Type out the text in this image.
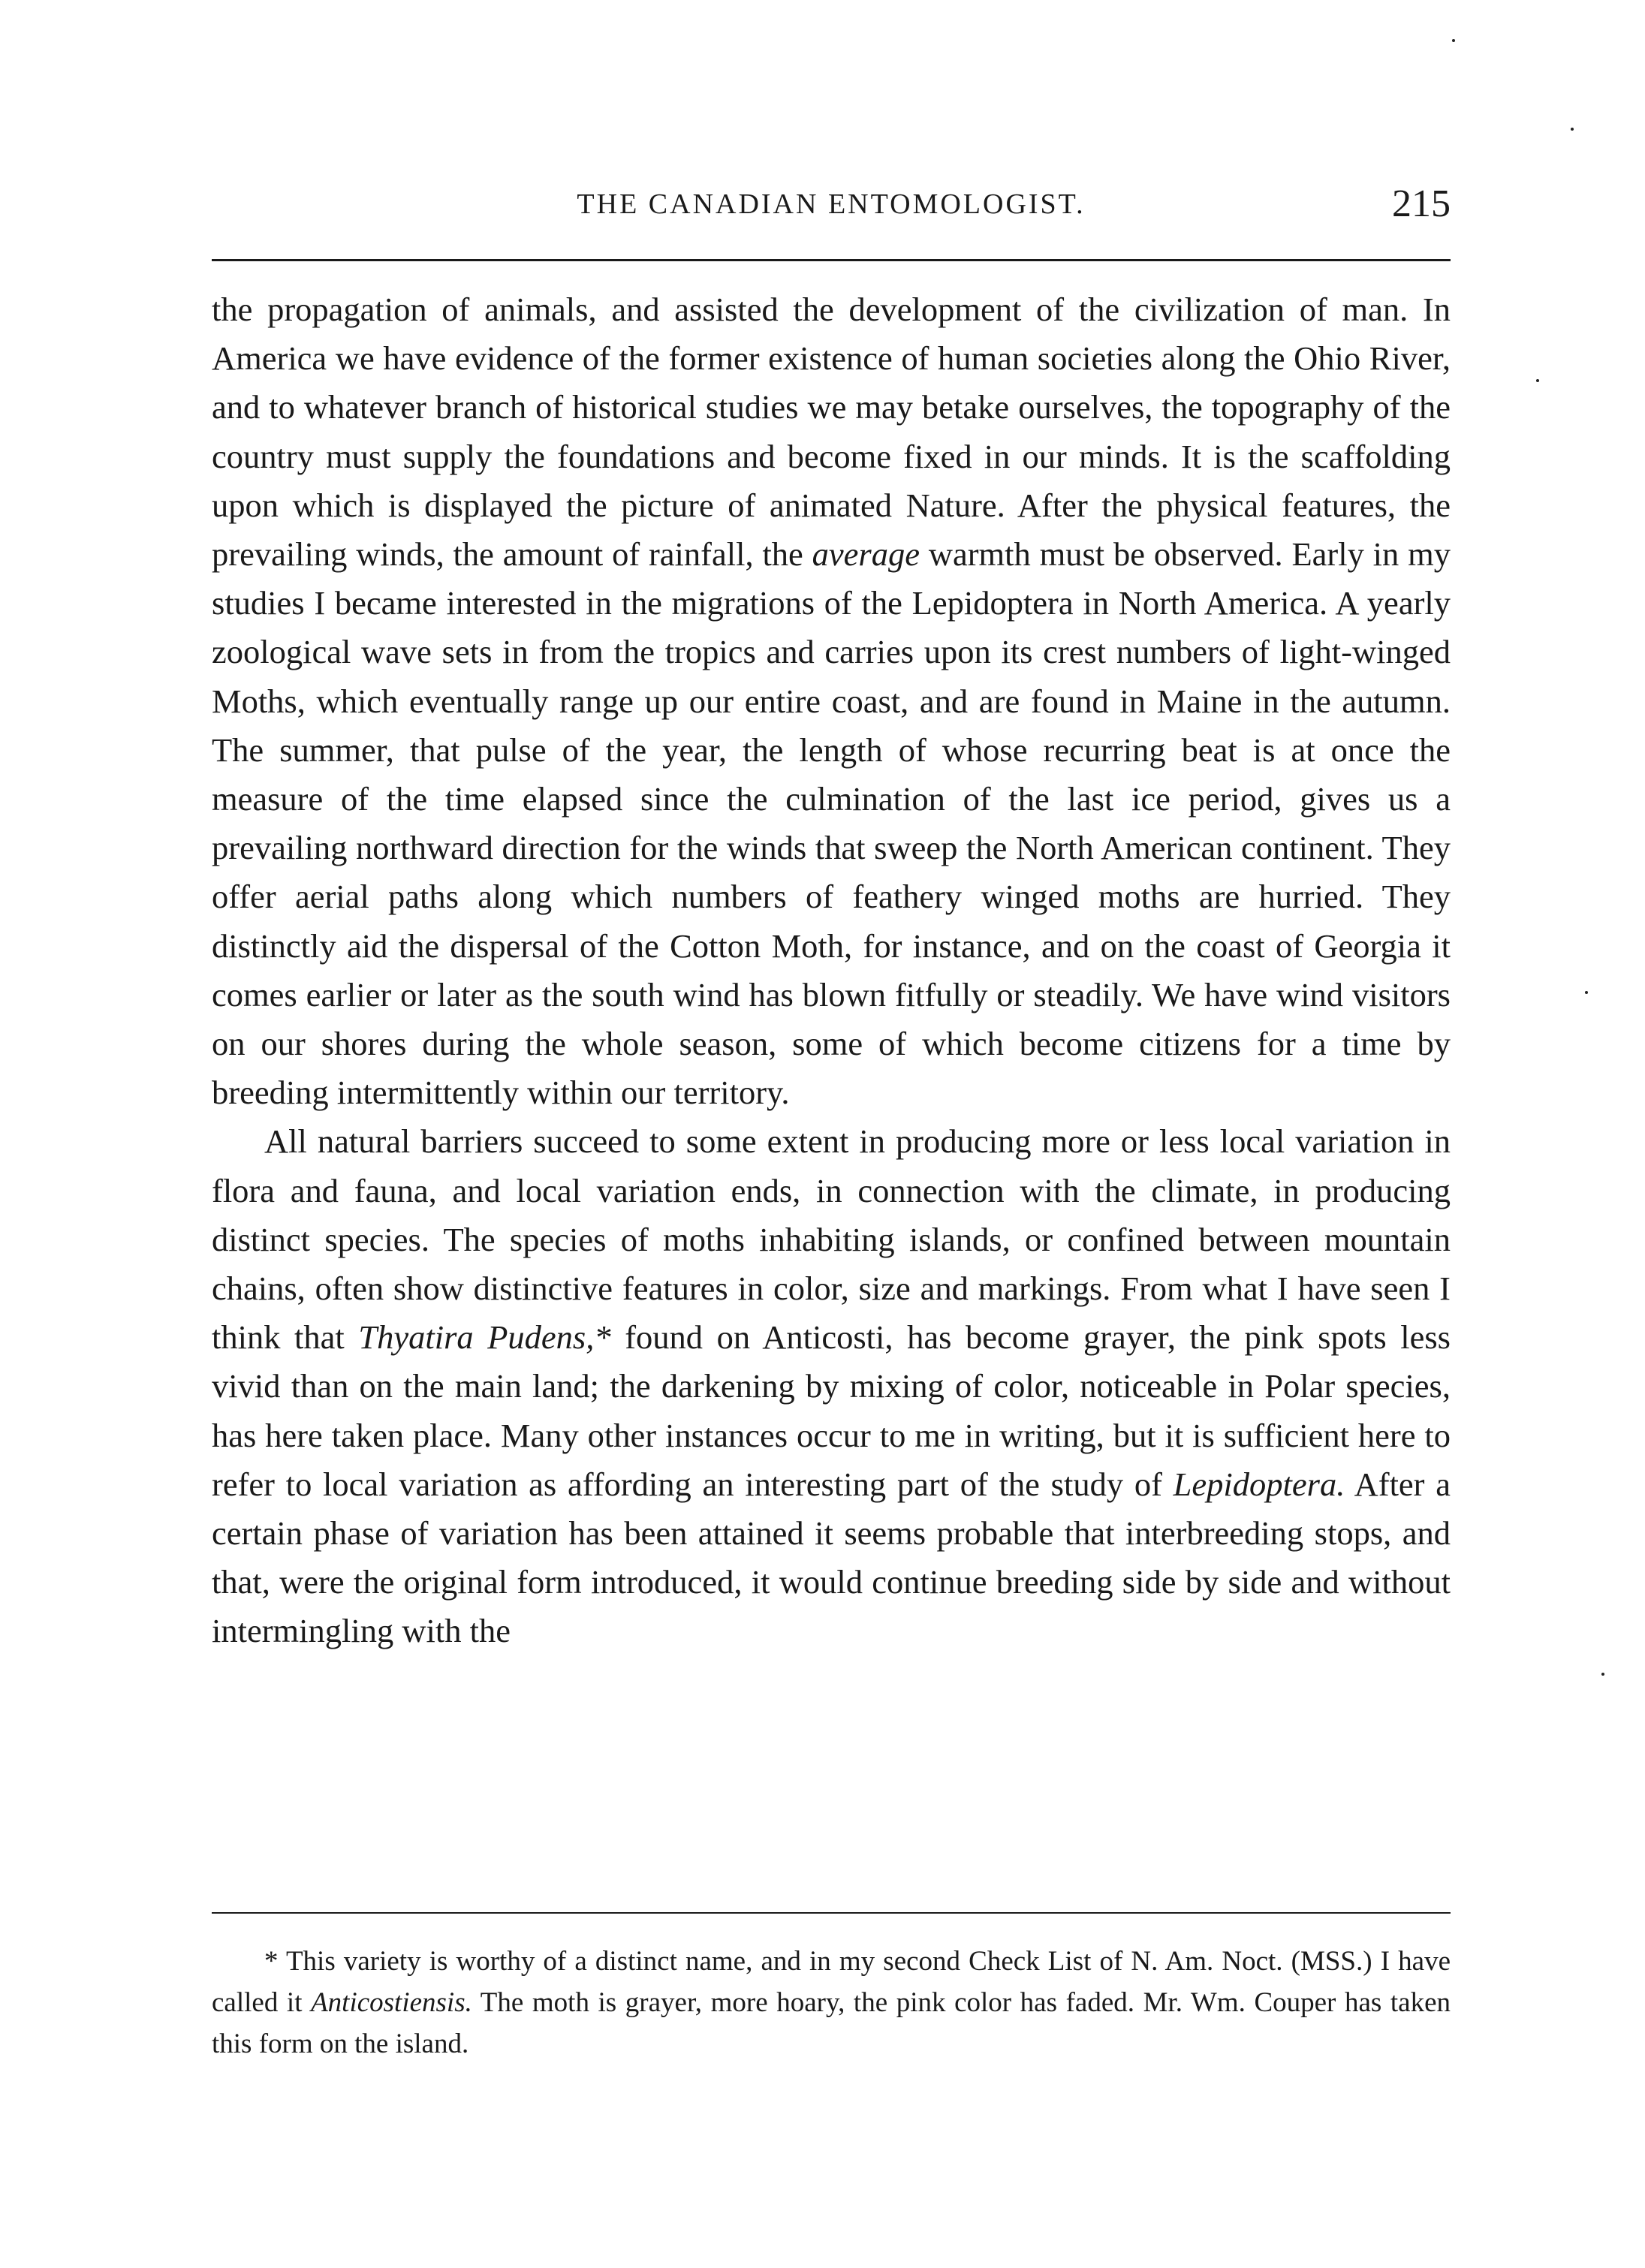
THE CANADIAN ENTOMOLOGIST.	215

the propagation of animals, and assisted the development of the civilization of man. In America we have evidence of the former existence of human societies along the Ohio River, and to whatever branch of historical studies we may betake ourselves, the topography of the country must supply the foundations and become fixed in our minds. It is the scaffolding upon which is displayed the picture of animated Nature. After the physical features, the prevailing winds, the amount of rainfall, the average warmth must be observed. Early in my studies I became interested in the migrations of the Lepidoptera in North America. A yearly zoological wave sets in from the tropics and carries upon its crest numbers of light-winged Moths, which eventually range up our entire coast, and are found in Maine in the autumn. The summer, that pulse of the year, the length of whose recurring beat is at once the measure of the time elapsed since the culmination of the last ice period, gives us a prevailing northward direction for the winds that sweep the North American continent. They offer aerial paths along which numbers of feathery winged moths are hurried. They distinctly aid the dispersal of the Cotton Moth, for instance, and on the coast of Georgia it comes earlier or later as the south wind has blown fitfully or steadily. We have wind visitors on our shores during the whole season, some of which become citizens for a time by breeding intermittently within our territory.

All natural barriers succeed to some extent in producing more or less local variation in flora and fauna, and local variation ends, in connection with the climate, in producing distinct species. The species of moths inhabiting islands, or confined between mountain chains, often show distinctive features in color, size and markings. From what I have seen I think that Thyatira Pudens,* found on Anticosti, has become grayer, the pink spots less vivid than on the main land; the darkening by mixing of color, noticeable in Polar species, has here taken place. Many other instances occur to me in writing, but it is sufficient here to refer to local variation as affording an interesting part of the study of Lepidoptera. After a certain phase of variation has been attained it seems probable that interbreeding stops, and that, were the original form introduced, it would continue breeding side by side and without intermingling with the

* This variety is worthy of a distinct name, and in my second Check List of N. Am. Noct. (MSS.) I have called it Anticostiensis. The moth is grayer, more hoary, the pink color has faded. Mr. Wm. Couper has taken this form on the island.
